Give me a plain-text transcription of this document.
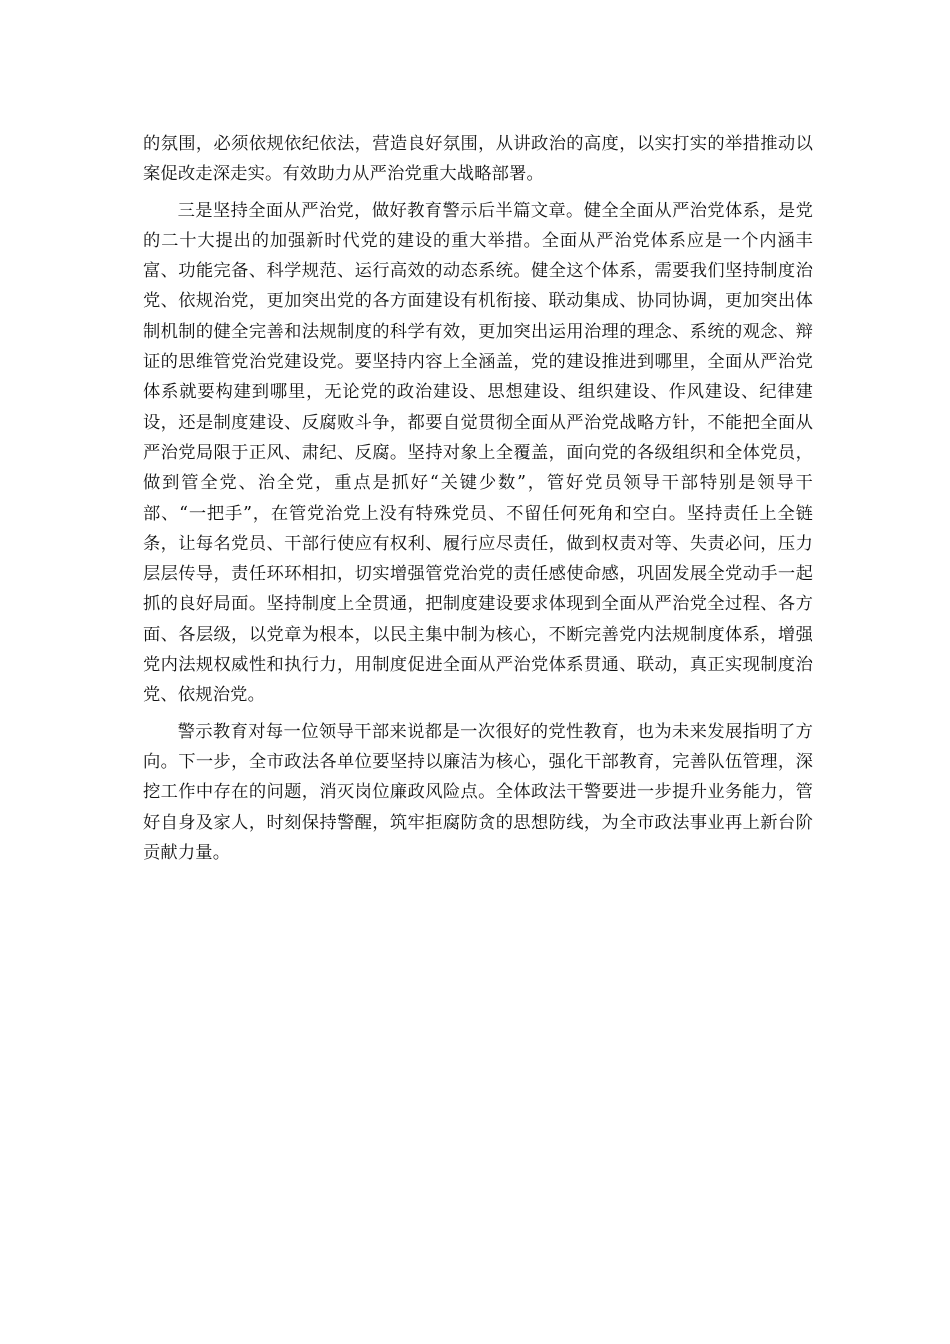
的氛围，必须依规依纪依法，营造良好氛围，从讲政治的高度，以实打实的举措推动以案促改走深走实。有效助力从严治党重大战略部署。

三是坚持全面从严治党，做好教育警示后半篇文章。健全全面从严治党体系，是党的二十大提出的加强新时代党的建设的重大举措。全面从严治党体系应是一个内涵丰富、功能完备、科学规范、运行高效的动态系统。健全这个体系，需要我们坚持制度治党、依规治党，更加突出党的各方面建设有机衔接、联动集成、协同协调，更加突出体制机制的健全完善和法规制度的科学有效，更加突出运用治理的理念、系统的观念、辩证的思维管党治党建设党。要坚持内容上全涵盖，党的建设推进到哪里，全面从严治党体系就要构建到哪里，无论党的政治建设、思想建设、组织建设、作风建设、纪律建设，还是制度建设、反腐败斗争，都要自觉贯彻全面从严治党战略方针，不能把全面从严治党局限于正风、肃纪、反腐。坚持对象上全覆盖，面向党的各级组织和全体党员，做到管全党、治全党，重点是抓好“关键少数”，管好党员领导干部特别是领导干部、“一把手”，在管党治党上没有特殊党员、不留任何死角和空白。坚持责任上全链条，让每名党员、干部行使应有权利、履行应尽责任，做到权责对等、失责必问，压力层层传导，责任环环相扣，切实增强管党治党的责任感使命感，巩固发展全党动手一起抓的良好局面。坚持制度上全贯通，把制度建设要求体现到全面从严治党全过程、各方面、各层级，以党章为根本，以民主集中制为核心，不断完善党内法规制度体系，增强党内法规权威性和执行力，用制度促进全面从严治党体系贯通、联动，真正实现制度治党、依规治党。

警示教育对每一位领导干部来说都是一次很好的党性教育，也为未来发展指明了方向。下一步，全市政法各单位要坚持以廉洁为核心，强化干部教育，完善队伍管理，深挖工作中存在的问题，消灭岗位廉政风险点。全体政法干警要进一步提升业务能力，管好自身及家人，时刻保持警醒，筑牢拒腐防贪的思想防线，为全市政法事业再上新台阶贡献力量。
